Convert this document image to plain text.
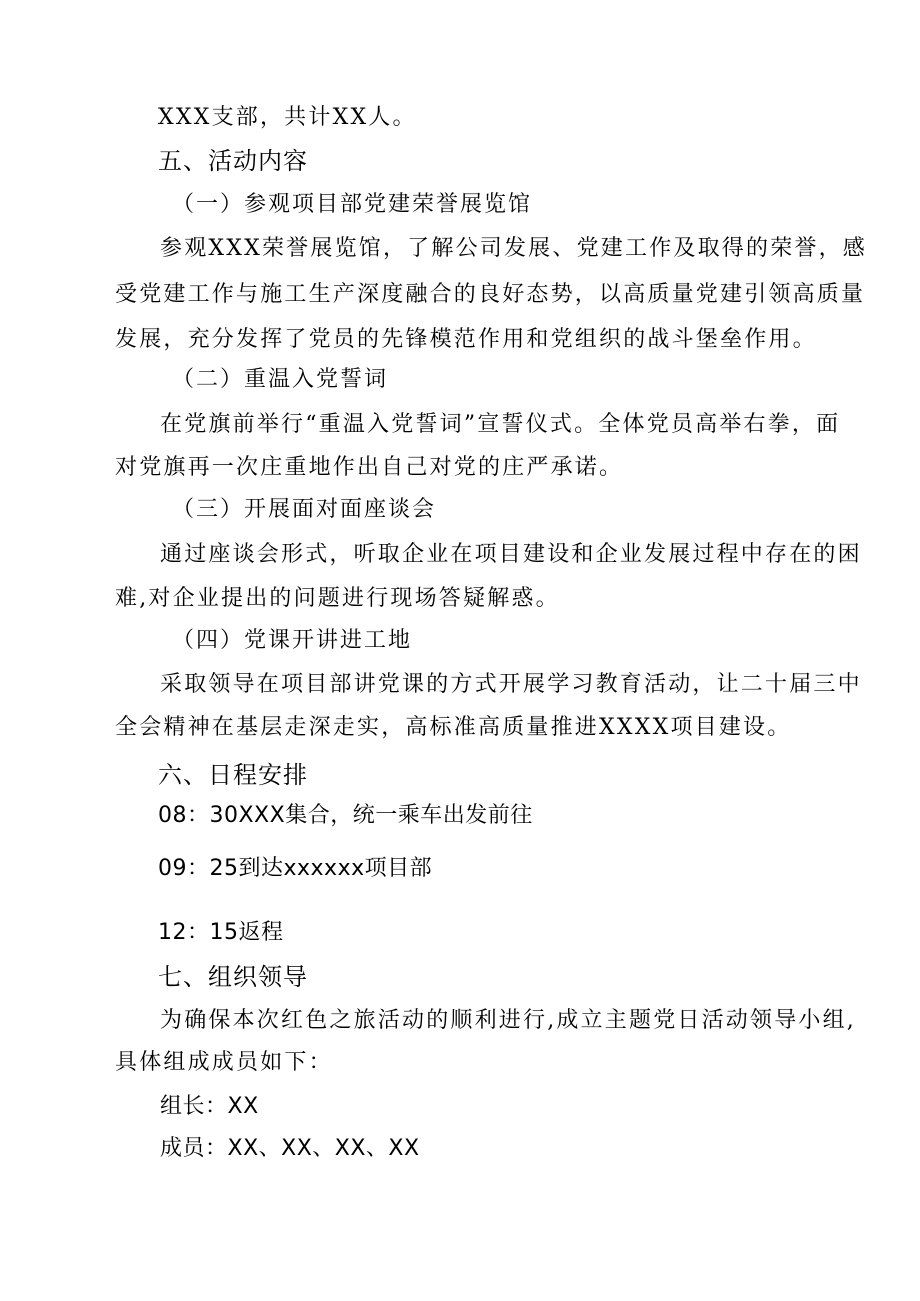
XXX支部，共计XX人。
五、活动内容
（一）参观项目部党建荣誉展览馆
参观XXX荣誉展览馆，了解公司发展、党建工作及取得的荣誉，感
受党建工作与施工生产深度融合的良好态势，以高质量党建引领高质量
发展，充分发挥了党员的先锋模范作用和党组织的战斗堡垒作用。
（二）重温入党誓词
在党旗前举行“重温入党誓词”宣誓仪式。全体党员高举右拳，面
对党旗再一次庄重地作出自己对党的庄严承诺。
（三）开展面对面座谈会
通过座谈会形式，听取企业在项目建设和企业发展过程中存在的困
难,对企业提出的问题进行现场答疑解惑。
（四）党课开讲进工地
采取领导在项目部讲党课的方式开展学习教育活动，让二十届三中
全会精神在基层走深走实，高标准高质量推进XXXX项目建设。
六、日程安排
08：30XXX集合，统一乘车出发前往
09：25到达xxxxxx项目部
12：15返程
七、组织领导
为确保本次红色之旅活动的顺利进行,成立主题党日活动领导小组,
具体组成成员如下：
组长：XX
成员：XX、XX、XX、XX
